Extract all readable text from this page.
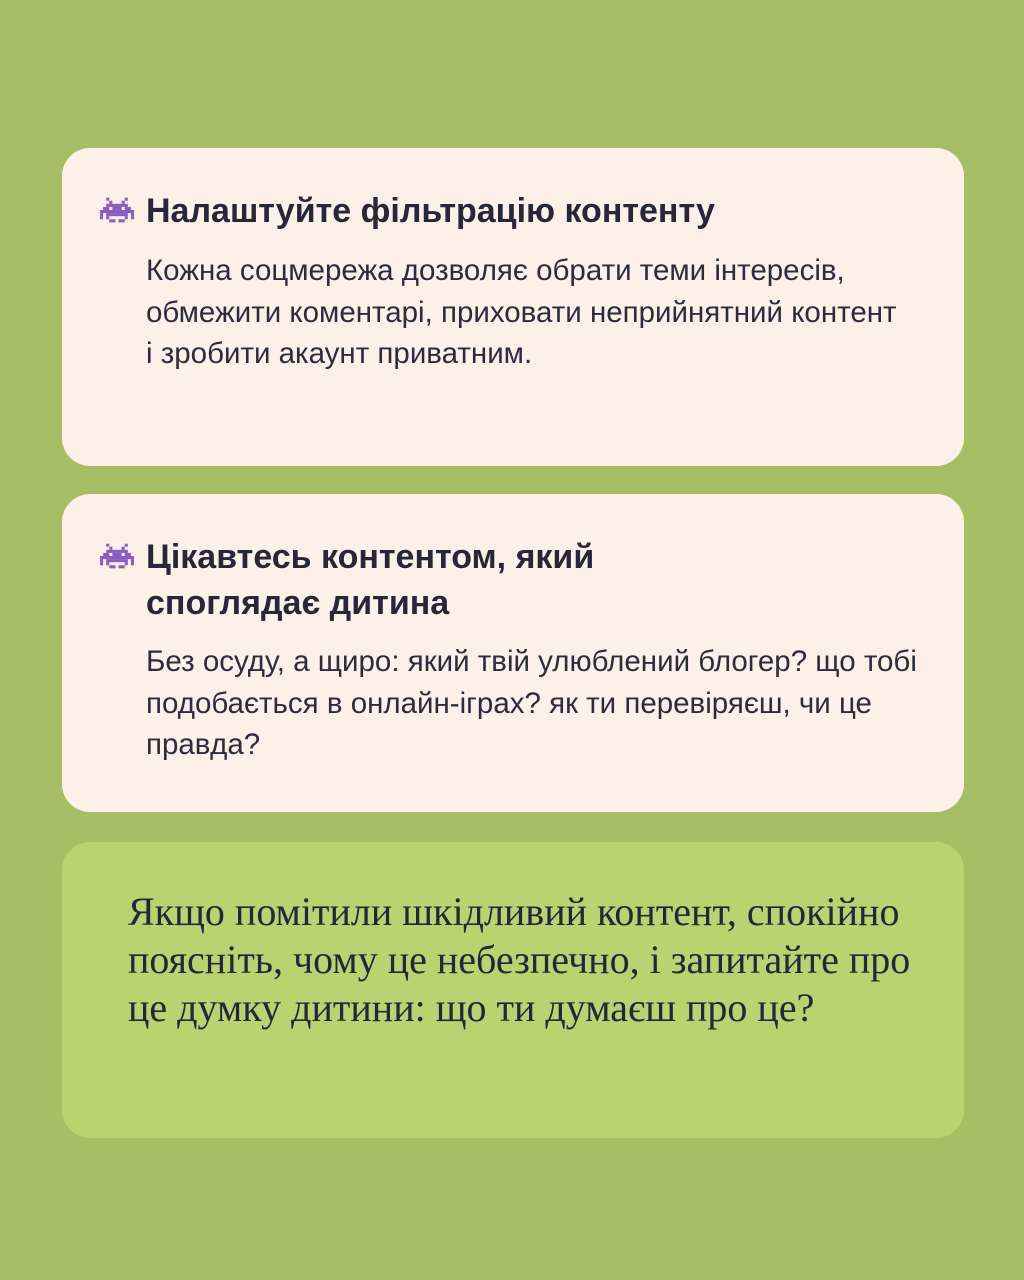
Налаштуйте фільтрацію контенту

Кожна соцмережа дозволяє обрати теми інтересів, обмежити коментарі, приховати неприйнятний контент і зробити акаунт приватним.

Цікавтесь контентом, який споглядає дитина

Без осуду, а щиро: який твій улюблений блогер? що тобі подобається в онлайн-іграх? як ти перевіряєш, чи це правда?

Якщо помітили шкідливий контент, спокійно поясніть, чому це небезпечно, і запитайте про це думку дитини: що ти думаєш про це?
